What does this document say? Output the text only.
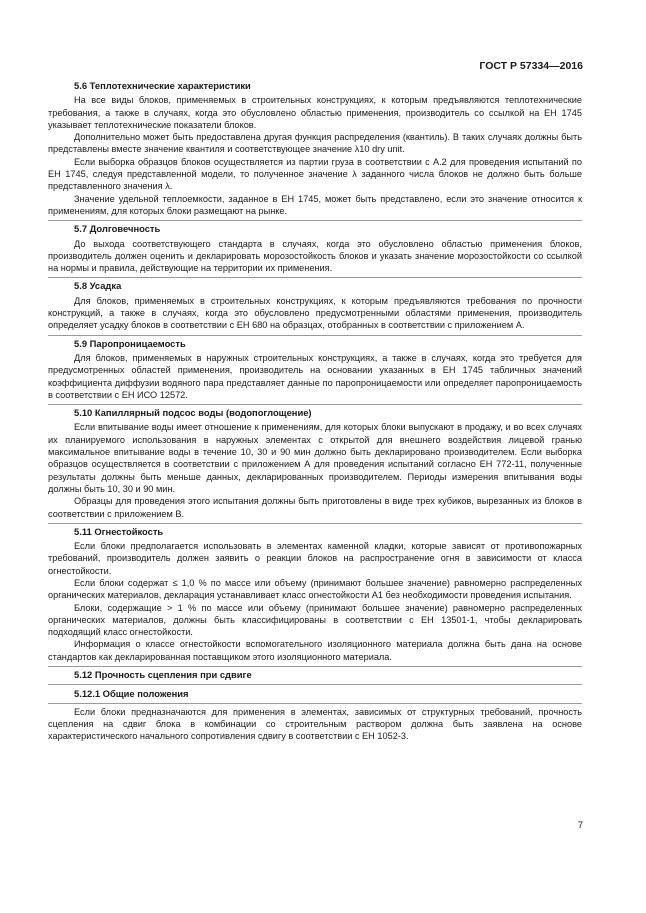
ГОСТ Р 57334—2016
5.6 Теплотехнические характеристики

На все виды блоков, применяемых в строительных конструкциях, к которым предъявляются теплотехнические требования, а также в случаях, когда это обусловлено областью применения, производитель со ссылкой на ЕН 1745 указывает теплотехнические показатели блоков.

Дополнительно может быть предоставлена другая функция распределения (квантиль). В таких случаях должны быть представлены вместе значение квантиля и соответствующее значение λ10 dry unit.

Если выборка образцов блоков осуществляется из партии груза в соответствии с А.2 для проведения испытаний по ЕН 1745, следуя представленной модели, то полученное значение λ заданного числа блоков не должно быть больше представленного значения λ.

Значение удельной теплоемкости, заданное в ЕН 1745, может быть представлено, если это значение относится к применениям, для которых блоки размещают на рынке.

5.7 Долговечность

До выхода соответствующего стандарта в случаях, когда это обусловлено областью применения блоков, производитель должен оценить и декларировать морозостойкость блоков и указать значение морозостойкости со ссылкой на нормы и правила, действующие на территории их применения.

5.8 Усадка

Для блоков, применяемых в строительных конструкциях, к которым предъявляются требования по прочности конструкций, а также в случаях, когда это обусловлено предусмотренными областями применения, производитель определяет усадку блоков в соответствии с ЕН 680 на образцах, отобранных в соответствии с приложением А.

5.9 Паропроницаемость

Для блоков, применяемых в наружных строительных конструкциях, а также в случаях, когда это требуется для предусмотренных областей применения, производитель на основании указанных в ЕН 1745 табличных значений коэффициента диффузии водяного пара представляет данные по паропроницаемости или определяет паропроницаемость в соответствии с ЕН ИСО 12572.

5.10 Капиллярный подсос воды (водопоглощение)

Если впитывание воды имеет отношение к применениям, для которых блоки выпускают в продажу, и во всех случаях их планируемого использования в наружных элементах с открытой для внешнего воздействия лицевой гранью максимальное впитывание воды в течение 10, 30 и 90 мин должно быть декларировано производителем. Если выборка образцов осуществляется в соответствии с приложением А для проведения испытаний согласно ЕН 772-11, полученные результаты должны быть меньше данных, декларированных производителем. Периоды измерения впитывания воды должны быть 10, 30 и 90 мин.

Образцы для проведения этого испытания должны быть приготовлены в виде трех кубиков, вырезанных из блоков в соответствии с приложением В.

5.11 Огнестойкость

Если блоки предполагается использовать в элементах каменной кладки, которые зависят от противопожарных требований, производитель должен заявить о реакции блоков на распространение огня в зависимости от класса огнестойкости.

Если блоки содержат ≤ 1,0 % по массе или объему (принимают большее значение) равномерно распределенных органических материалов, декларация устанавливает класс огнестойкости A1 без необходимости проведения испытания.

Блоки, содержащие > 1 % по массе или объему (принимают большее значение) равномерно распределенных органических материалов, должны быть классифицированы в соответствии с ЕН 13501-1, чтобы декларировать подходящий класс огнестойкости.

Информация о классе огнестойкости вспомогательного изоляционного материала должна быть дана на основе стандартов как декларированная поставщиком этого изоляционного материала.

5.12 Прочность сцепления при сдвиге
5.12.1 Общие положения

Если блоки предназначаются для применения в элементах, зависимых от структурных требований, прочность сцепления на сдвиг блока в комбинации со строительным раствором должна быть заявлена на основе характеристического начального сопротивления сдвигу в соответствии с ЕН 1052-3.

7
